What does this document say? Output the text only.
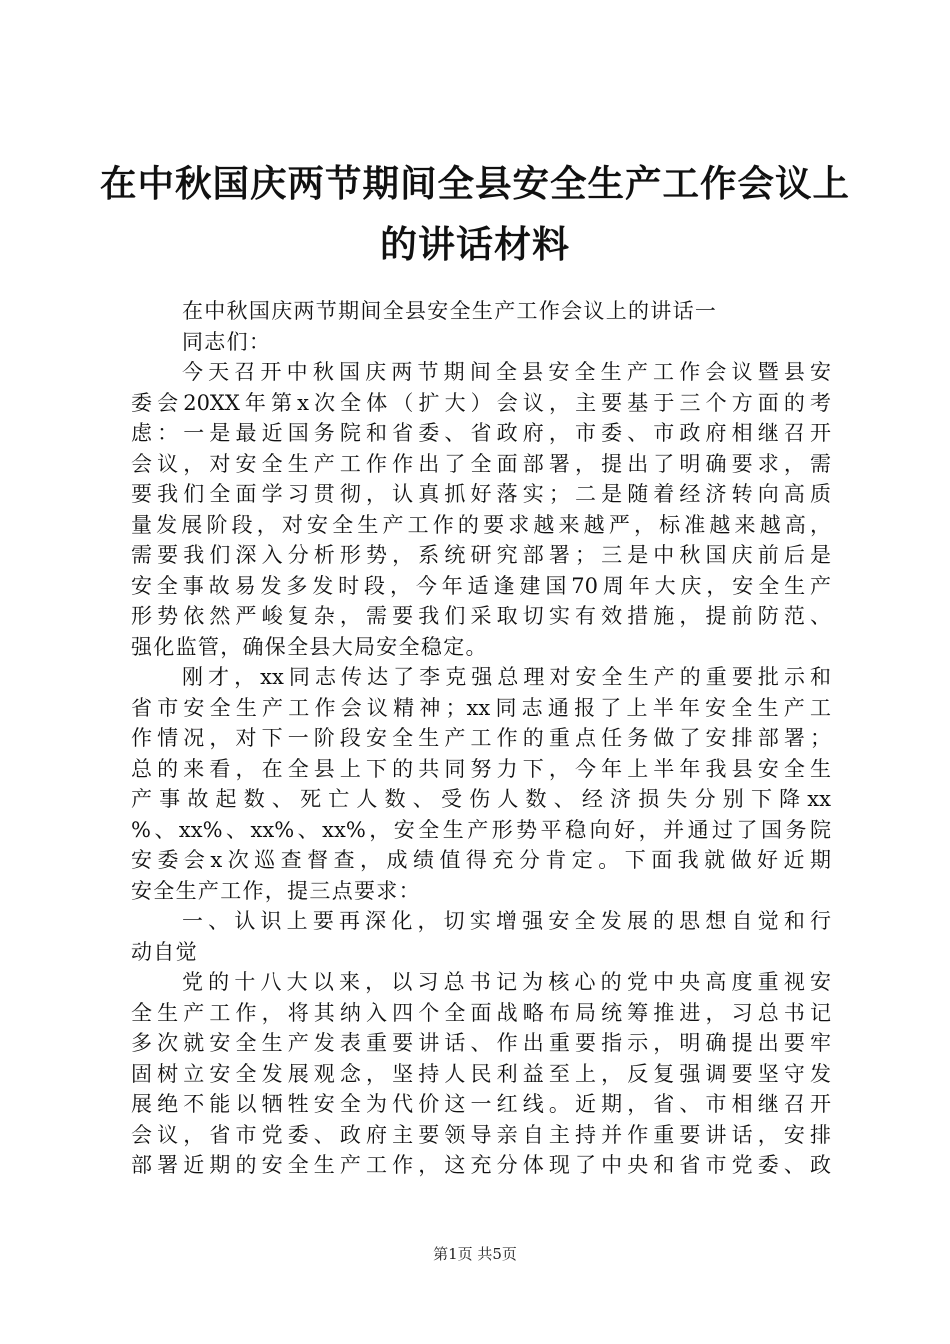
在中秋国庆两节期间全县安全生产工作会议上
的讲话材料
在中秋国庆两节期间全县安全生产工作会议上的讲话一
同志们：
今天召开中秋国庆两节期间全县安全生产工作会议暨县安
委会20XX年第x次全体（扩大）会议，主要基于三个方面的考
虑：一是最近国务院和省委、省政府，市委、市政府相继召开
会议，对安全生产工作作出了全面部署，提出了明确要求，需
要我们全面学习贯彻，认真抓好落实；二是随着经济转向高质
量发展阶段，对安全生产工作的要求越来越严，标准越来越高，
需要我们深入分析形势，系统研究部署；三是中秋国庆前后是
安全事故易发多发时段，今年适逢建国70周年大庆，安全生产
形势依然严峻复杂，需要我们采取切实有效措施，提前防范、
强化监管，确保全县大局安全稳定。
刚才，xx同志传达了李克强总理对安全生产的重要批示和
省市安全生产工作会议精神；xx同志通报了上半年安全生产工
作情况，对下一阶段安全生产工作的重点任务做了安排部署；
总的来看，在全县上下的共同努力下，今年上半年我县安全生
产事故起数、死亡人数、受伤人数、经济损失分别下降xx
%、xx%、xx%、xx%，安全生产形势平稳向好，并通过了国务院
安委会x次巡查督查，成绩值得充分肯定。下面我就做好近期
安全生产工作，提三点要求：
一、认识上要再深化，切实增强安全发展的思想自觉和行
动自觉
党的十八大以来，以习总书记为核心的党中央高度重视安
全生产工作，将其纳入四个全面战略布局统筹推进，习总书记
多次就安全生产发表重要讲话、作出重要指示，明确提出要牢
固树立安全发展观念，坚持人民利益至上，反复强调要坚守发
展绝不能以牺牲安全为代价这一红线。近期，省、市相继召开
会议，省市党委、政府主要领导亲自主持并作重要讲话，安排
部署近期的安全生产工作，这充分体现了中央和省市党委、政
第1页 共5页
